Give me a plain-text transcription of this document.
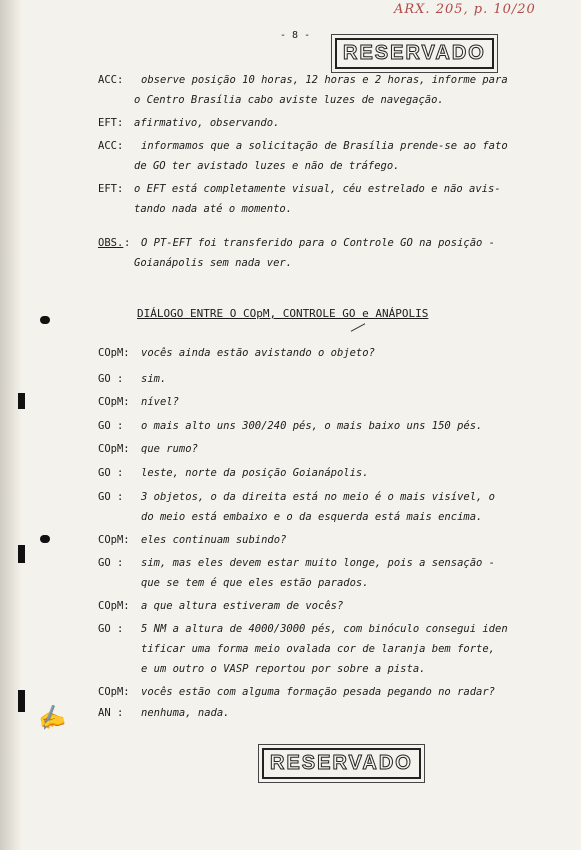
ARX. 205, p. 10/20
- 8 -
RESERVADO
ACC: observe posição 10 horas, 12 horas e 2 horas, informe para
o Centro Brasília cabo aviste luzes de navegação.
EFT: afirmativo, observando.
ACC: informamos que a solicitação de Brasília prende-se ao fato
de GO ter avistado luzes e não de tráfego.
EFT: o EFT está completamente visual, céu estrelado e não avis-
tando nada até o momento.
OBS. : O PT-EFT foi transferido para o Controle GO na posição -
Goianápolis sem nada ver.
DIÁLOGO ENTRE O COpM, CONTROLE GO e ANÁPOLIS
COpM: vocês ainda estão avistando o objeto?
GO : sim.
COpM: nível?
GO : o mais alto uns 300/240 pés, o mais baixo uns 150 pés.
COpM: que rumo?
GO : leste, norte da posição Goianápolis.
GO : 3 objetos, o da direita está no meio é o mais visível, o
do meio está embaixo e o da esquerda está mais encima.
COpM: eles continuam subindo?
GO : sim, mas eles devem estar muito longe, pois a sensação -
que se tem é que eles estão parados.
COpM: a que altura estiveram de vocês?
GO : 5 NM a altura de 4000/3000 pés, com binóculo consegui iden
tificar uma forma meio ovalada cor de laranja bem forte,
e um outro o VASP reportou por sobre a pista.
COpM: vocês estão com alguma formação pesada pegando no radar?
AN : nenhuma, nada.
✍
RESERVADO
